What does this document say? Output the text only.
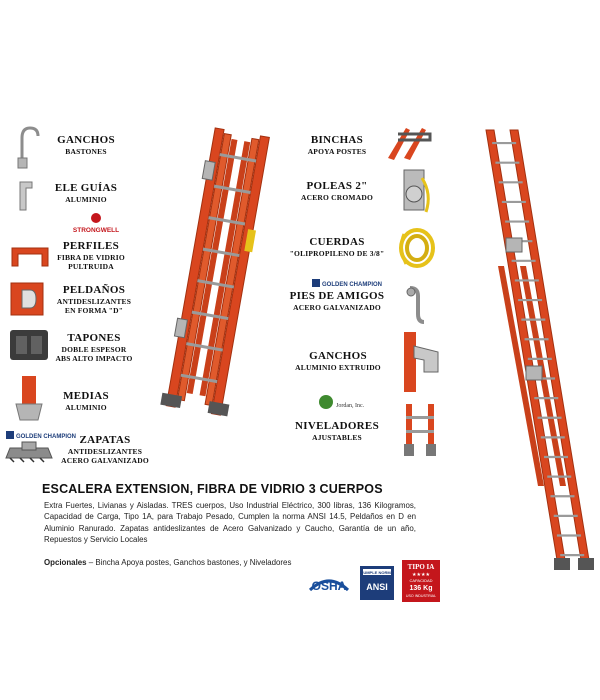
STRONGWELL
GOLDEN CHAMPION
GANCHOS
BASTONES
ELE GUÍAS
ALUMINIO
PERFILES
FIBRA DE VIDRIO
PULTRUIDA
PELDAÑOS
ANTIDESLIZANTES
EN FORMA "D"
TAPONES
DOBLE ESPESOR
ABS ALTO IMPACTO
MEDIAS
ALUMINIO
ZAPATAS
ANTIDESLIZANTES
ACERO GALVANIZADO
BINCHAS
APOYA POSTES
POLEAS 2"
ACERO CROMADO
CUERDAS
"OLIPROPILENO DE 3/8"
PIES DE AMIGOS
ACERO GALVANIZADO
GANCHOS
ALUMINIO EXTRUIDO
NIVELADORES
AJUSTABLES
GOLDEN CHAMPION
Jordan, Inc.
ESCALERA EXTENSION, FIBRA DE VIDRIO 3 CUERPOS
Extra Fuertes, Livianas y Aisladas. TRES cuerpos, Uso Industrial Eléctrico, 300 libras, 136 Kilogramos, Capacidad de Carga, Tipo 1A, para Trabajo Pesado, Cumplen la norma ANSI 14.5, Peldaños en D en Aluminio Ranurado. Zapatas antideslizantes de Acero Galvanizado y Caucho, Garantía de un año, Repuestos y Servicio Locales
Opcionales – Bincha Apoya postes, Ganchos bastones, y Niveladores
OSHA
CUMPLE NORMA
ANSI
TIPO IA
★★★★
CAPACIDAD
136 Kg
USO INDUSTRIAL
